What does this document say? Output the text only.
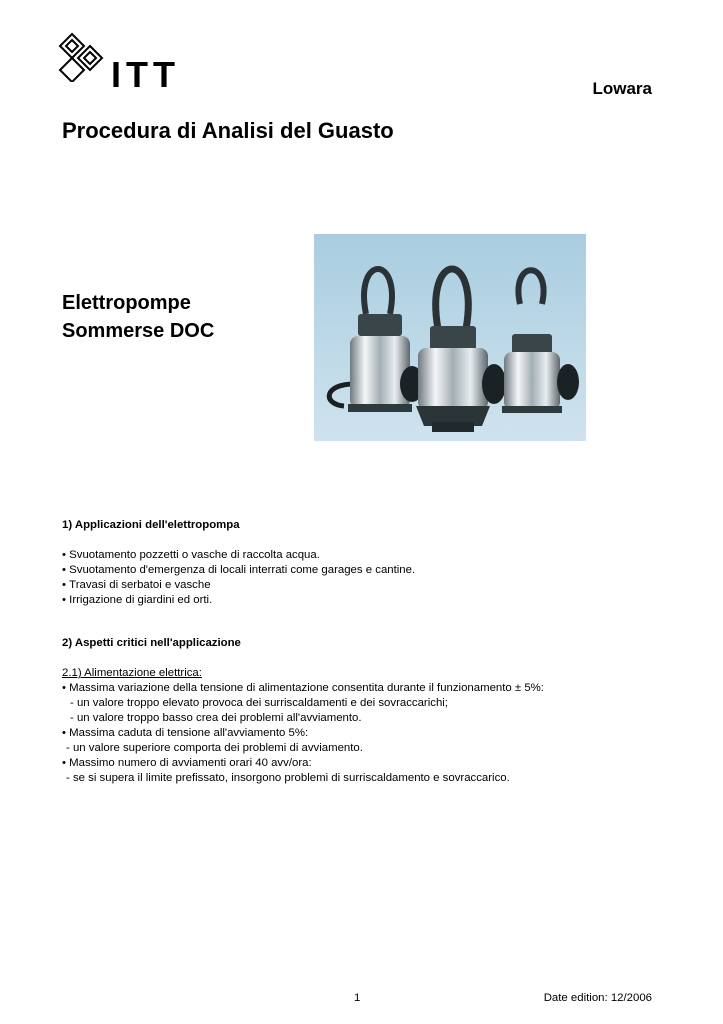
ITT	Lowara
Procedura di Analisi del Guasto
Elettropompe
Sommerse DOC
1) Applicazioni dell'elettropompa
• Svuotamento pozzetti o vasche di raccolta acqua.
• Svuotamento d'emergenza di locali interrati come garages e cantine.
• Travasi di serbatoi e vasche
• Irrigazione di giardini ed orti.
2) Aspetti critici nell'applicazione
2.1) Alimentazione elettrica:
• Massima variazione della tensione di alimentazione consentita durante il funzionamento ± 5%:
- un valore troppo elevato provoca dei surriscaldamenti e dei sovraccarichi;
- un valore troppo basso crea dei problemi all'avviamento.
• Massima caduta di tensione all'avviamento 5%:
- un valore superiore comporta dei problemi di avviamento.
• Massimo numero di avviamenti orari 40 avv/ora:
- se si supera il limite prefissato, insorgono problemi di surriscaldamento e sovraccarico.
1	Date edition: 12/2006
